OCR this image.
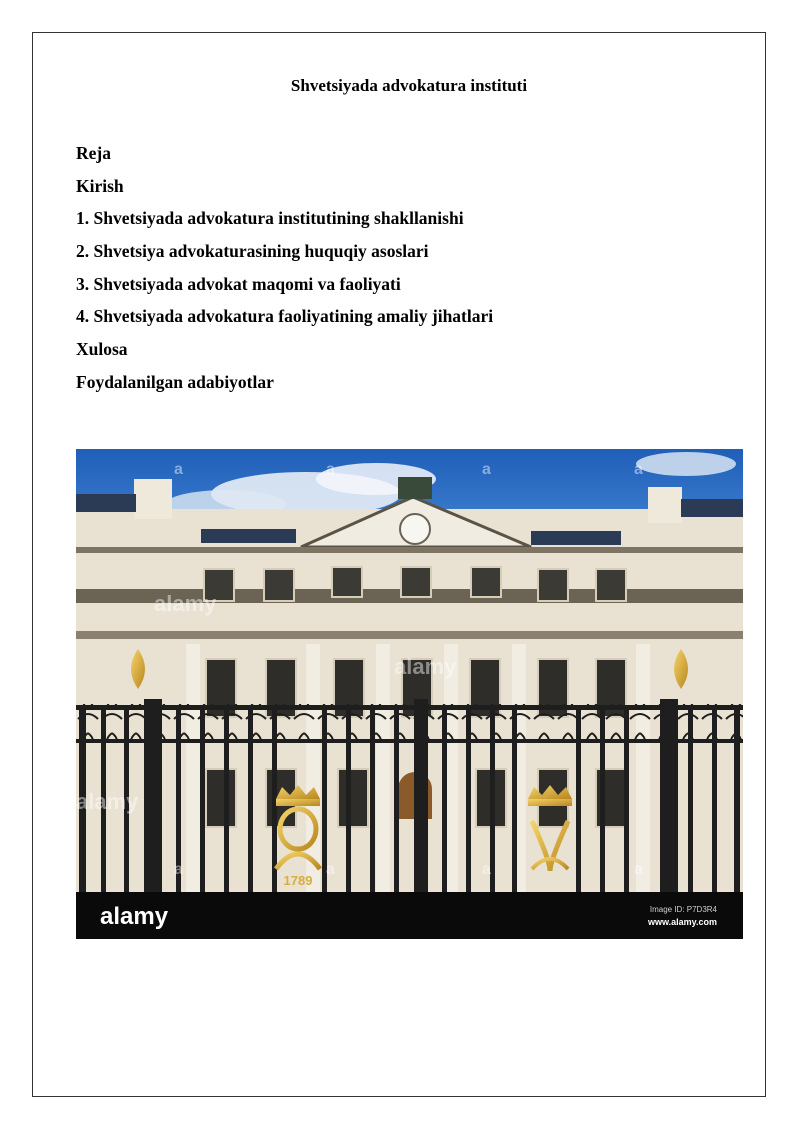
Shvetsiyada advokatura instituti
Reja
Kirish
1. Shvetsiyada advokatura institutining shakllanishi
2. Shvetsiya advokaturasining huquqiy asoslari
3. Shvetsiyada advokat maqomi va faoliyati
4. Shvetsiyada advokatura faoliyatining amaliy jihatlari
Xulosa
Foydalanilgan adabiyotlar
1789
alamy
alamy
alamy
a	a	a	a
a	a	a	a
alamy	Image ID: P7D3R4
www.alamy.com
